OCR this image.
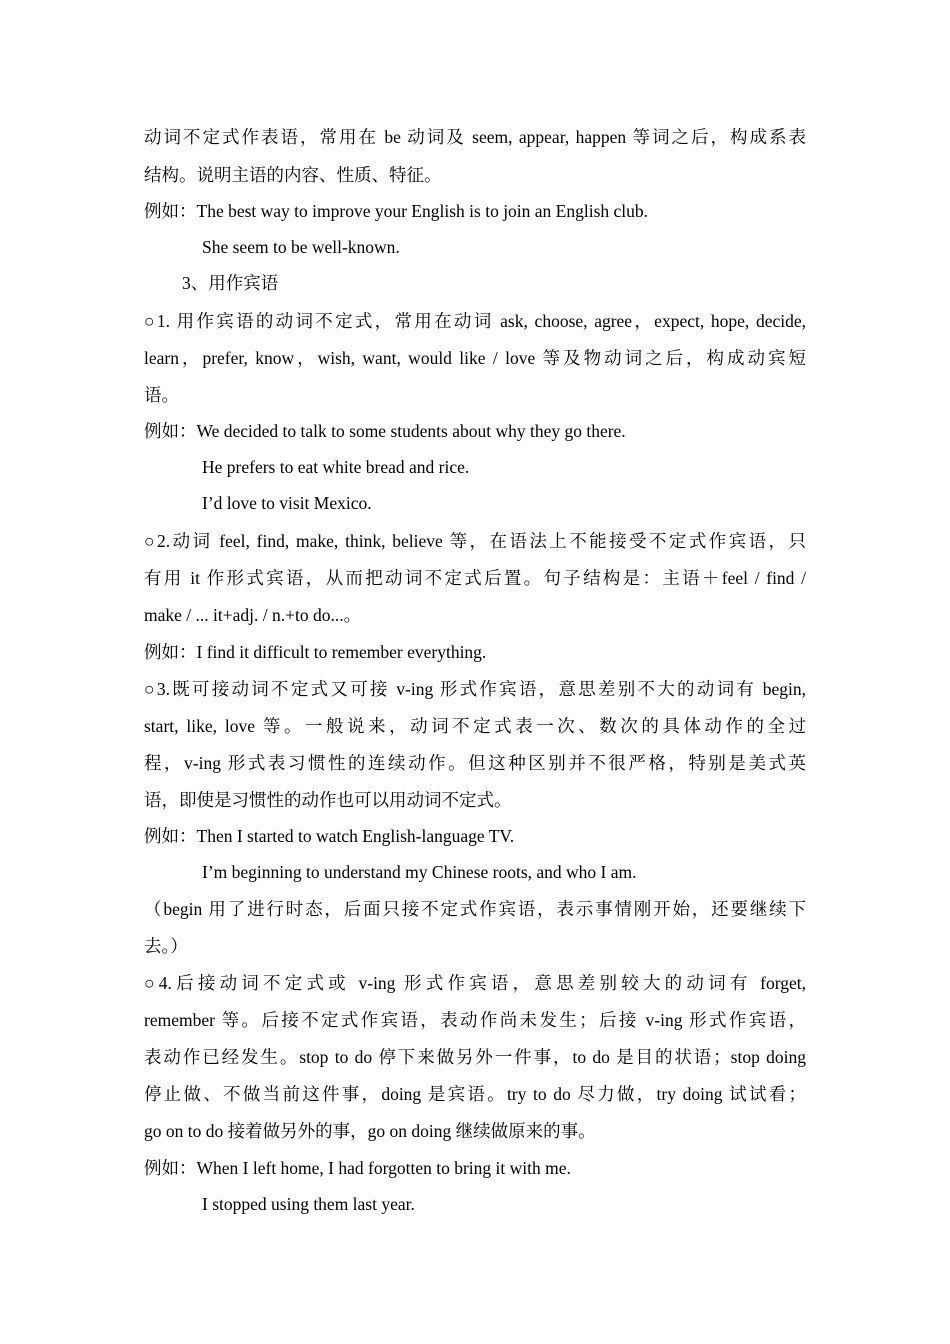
动词不定式作表语，常用在 be 动词及 seem, appear, happen 等词之后，构成系表
结构。说明主语的内容、性质、特征。
例如：The best way to improve your English is to join an English club.
She seem to be well-known.
3、用作宾语
○1. 用作宾语的动词不定式，常用在动词 ask, choose, agree，expect, hope, decide,
learn，prefer, know，wish, want, would like / love 等及物动词之后，构成动宾短
语。
例如：We decided to talk to some students about why they go there.
He prefers to eat white bread and rice.
I’d love to visit Mexico.
○2.动词 feel, find, make, think, believe 等，在语法上不能接受不定式作宾语，只
有用 it 作形式宾语，从而把动词不定式后置。句子结构是：主语＋feel / find /
make / ... it+adj. / n.+to do...。
例如：I find it difficult to remember everything.
○3.既可接动词不定式又可接 v-ing 形式作宾语，意思差别不大的动词有 begin,
start, like, love 等。一般说来，动词不定式表一次、数次的具体动作的全过
程，v-ing 形式表习惯性的连续动作。但这种区别并不很严格，特别是美式英
语，即使是习惯性的动作也可以用动词不定式。
例如：Then I started to watch English-language TV.
I’m beginning to understand my Chinese roots, and who I am.
（begin 用了进行时态，后面只接不定式作宾语，表示事情刚开始，还要继续下
去。）
○4.后接动词不定式或 v-ing 形式作宾语，意思差别较大的动词有 forget,
remember 等。后接不定式作宾语，表动作尚未发生；后接 v-ing 形式作宾语，
表动作已经发生。stop to do 停下来做另外一件事，to do 是目的状语；stop doing
停止做、不做当前这件事，doing 是宾语。try to do 尽力做，try doing 试试看；
go on to do 接着做另外的事，go on doing 继续做原来的事。
例如：When I left home, I had forgotten to bring it with me.
I stopped using them last year.
